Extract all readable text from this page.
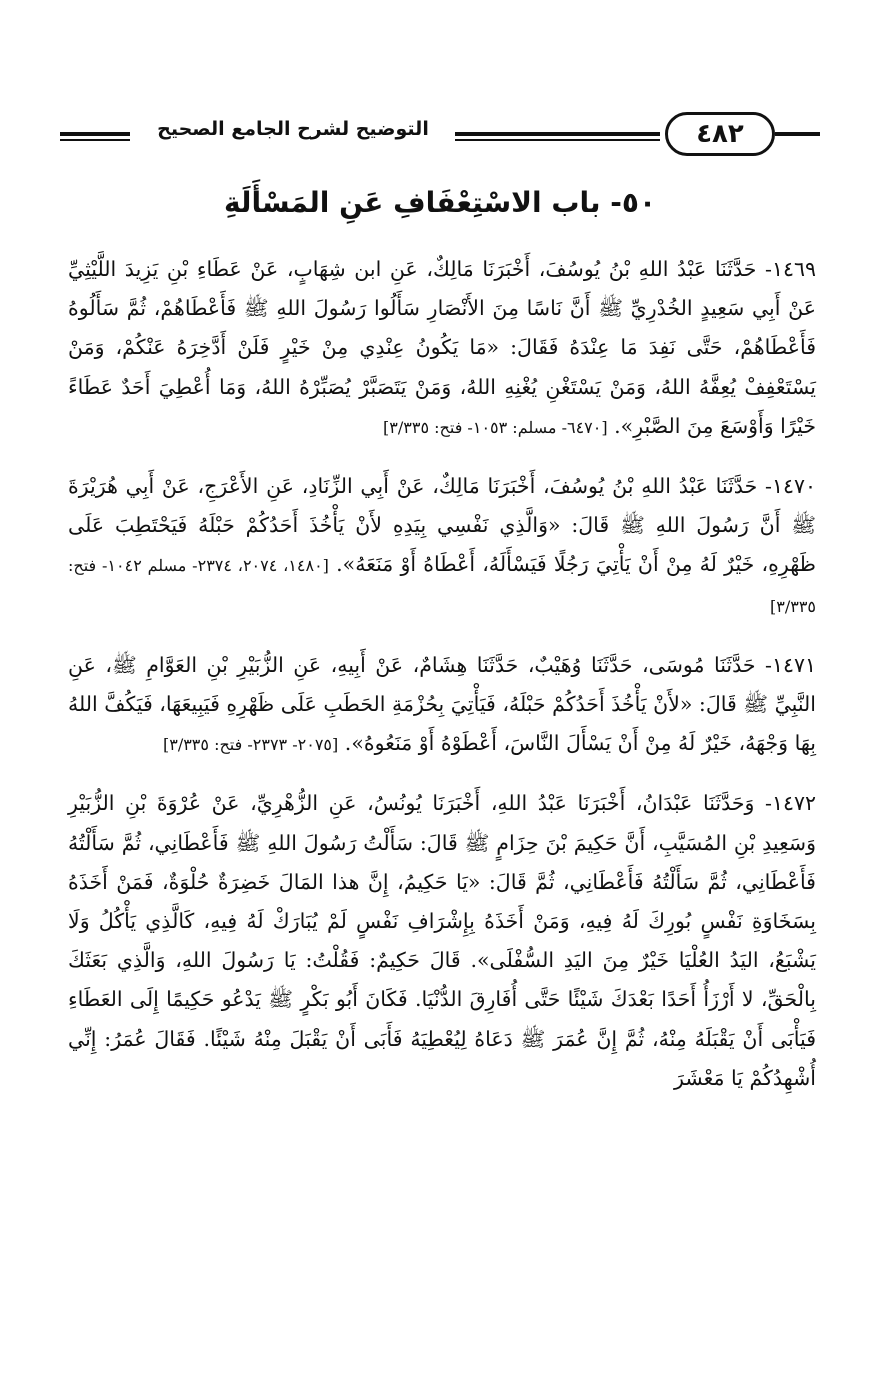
التوضيح لشرح الجامع الصحيح	٤٨٢
٥٠- باب الاسْتِعْفَافِ عَنِ المَسْأَلَةِ
١٤٦٩- حَدَّثَنَا عَبْدُ اللهِ بْنُ يُوسُفَ، أَخْبَرَنَا مَالِكٌ، عَنِ ابن شِهَابٍ، عَنْ عَطَاءِ بْنِ يَزِيدَ اللَّيْثِيِّ عَنْ أَبِي سَعِيدٍ الخُدْرِيِّ ﷺ أَنَّ نَاسًا مِنَ الأَنْصَارِ سَأَلُوا رَسُولَ اللهِ ﷺ فَأَعْطَاهُمْ، ثُمَّ سَأَلُوهُ فَأَعْطَاهُمْ، حَتَّى نَفِدَ مَا عِنْدَهُ فَقَالَ: «مَا يَكُونُ عِنْدِي مِنْ خَيْرٍ فَلَنْ أَدَّخِرَهُ عَنْكُمْ، وَمَنْ يَسْتَعْفِفْ يُعِفَّهُ اللهُ، وَمَنْ يَسْتَغْنِ يُغْنِهِ اللهُ، وَمَنْ يَتَصَبَّرْ يُصَبِّرْهُ اللهُ، وَمَا أُعْطِيَ أَحَدٌ عَطَاءً خَيْرًا وَأَوْسَعَ مِنَ الصَّبْرِ». [٦٤٧٠- مسلم: ١٠٥٣- فتح: ٣/٣٣٥]
١٤٧٠- حَدَّثَنَا عَبْدُ اللهِ بْنُ يُوسُفَ، أَخْبَرَنَا مَالِكٌ، عَنْ أَبِي الزِّنَادِ، عَنِ الأَعْرَجِ، عَنْ أَبِي هُرَيْرَةَ ﷺ أَنَّ رَسُولَ اللهِ ﷺ قَالَ: «وَالَّذِي نَفْسِي بِيَدِهِ لأَنْ يَأْخُذَ أَحَدُكُمْ حَبْلَهُ فَيَحْتَطِبَ عَلَى ظَهْرِهِ، خَيْرٌ لَهُ مِنْ أَنْ يَأْتِيَ رَجُلًا فَيَسْأَلَهُ، أَعْطَاهُ أَوْ مَنَعَهُ». [١٤٨٠، ٢٠٧٤، ٢٣٧٤- مسلم ١٠٤٢- فتح: ٣/٣٣٥]
١٤٧١- حَدَّثَنَا مُوسَى، حَدَّثَنَا وُهَيْبٌ، حَدَّثَنَا هِشَامٌ، عَنْ أَبِيهِ، عَنِ الزُّبَيْرِ بْنِ العَوَّامِ ﷺ، عَنِ النَّبِيِّ ﷺ قَالَ: «لأَنْ يَأْخُذَ أَحَدُكُمْ حَبْلَهُ، فَيَأْتِيَ بِحُزْمَةِ الحَطَبِ عَلَى ظَهْرِهِ فَيَبِيعَهَا، فَيَكُفَّ اللهُ بِهَا وَجْهَهُ، خَيْرٌ لَهُ مِنْ أَنْ يَسْأَلَ النَّاسَ، أَعْطَوْهُ أَوْ مَنَعُوهُ». [٢٠٧٥- ٢٣٧٣- فتح: ٣/٣٣٥]
١٤٧٢- وَحَدَّثَنَا عَبْدَانُ، أَخْبَرَنَا عَبْدُ اللهِ، أَخْبَرَنَا يُونُسُ، عَنِ الزُّهْرِيِّ، عَنْ عُرْوَةَ بْنِ الزُّبَيْرِ وَسَعِيدِ بْنِ المُسَيَّبِ، أَنَّ حَكِيمَ بْنَ حِزَامٍ ﷺ قَالَ: سَأَلْتُ رَسُولَ اللهِ ﷺ فَأَعْطَانِي، ثُمَّ سَأَلْتُهُ فَأَعْطَانِي، ثُمَّ سَأَلْتُهُ فَأَعْطَانِي، ثُمَّ قَالَ: «يَا حَكِيمُ، إِنَّ هذا المَالَ خَضِرَةٌ حُلْوَةٌ، فَمَنْ أَخَذَهُ بِسَخَاوَةِ نَفْسٍ بُورِكَ لَهُ فِيهِ، وَمَنْ أَخَذَهُ بِإِشْرَافِ نَفْسٍ لَمْ يُبَارَكْ لَهُ فِيهِ، كَالَّذِي يَأْكُلُ وَلَا يَشْبَعُ، اليَدُ العُلْيَا خَيْرٌ مِنَ اليَدِ السُّفْلَى». قَالَ حَكِيمٌ: فَقُلْتُ: يَا رَسُولَ اللهِ، وَالَّذِي بَعَثَكَ بِالْحَقِّ، لا أَرْزَأُ أَحَدًا بَعْدَكَ شَيْئًا حَتَّى أُفَارِقَ الدُّنْيَا. فَكَانَ أَبُو بَكْرٍ ﷺ يَدْعُو حَكِيمًا إِلَى العَطَاءِ فَيَأْبَى أَنْ يَقْبَلَهُ مِنْهُ، ثُمَّ إِنَّ عُمَرَ ﷺ دَعَاهُ لِيُعْطِيَهُ فَأَبَى أَنْ يَقْبَلَ مِنْهُ شَيْئًا. فَقَالَ عُمَرُ: إِنِّي أُشْهِدُكُمْ يَا مَعْشَرَ
